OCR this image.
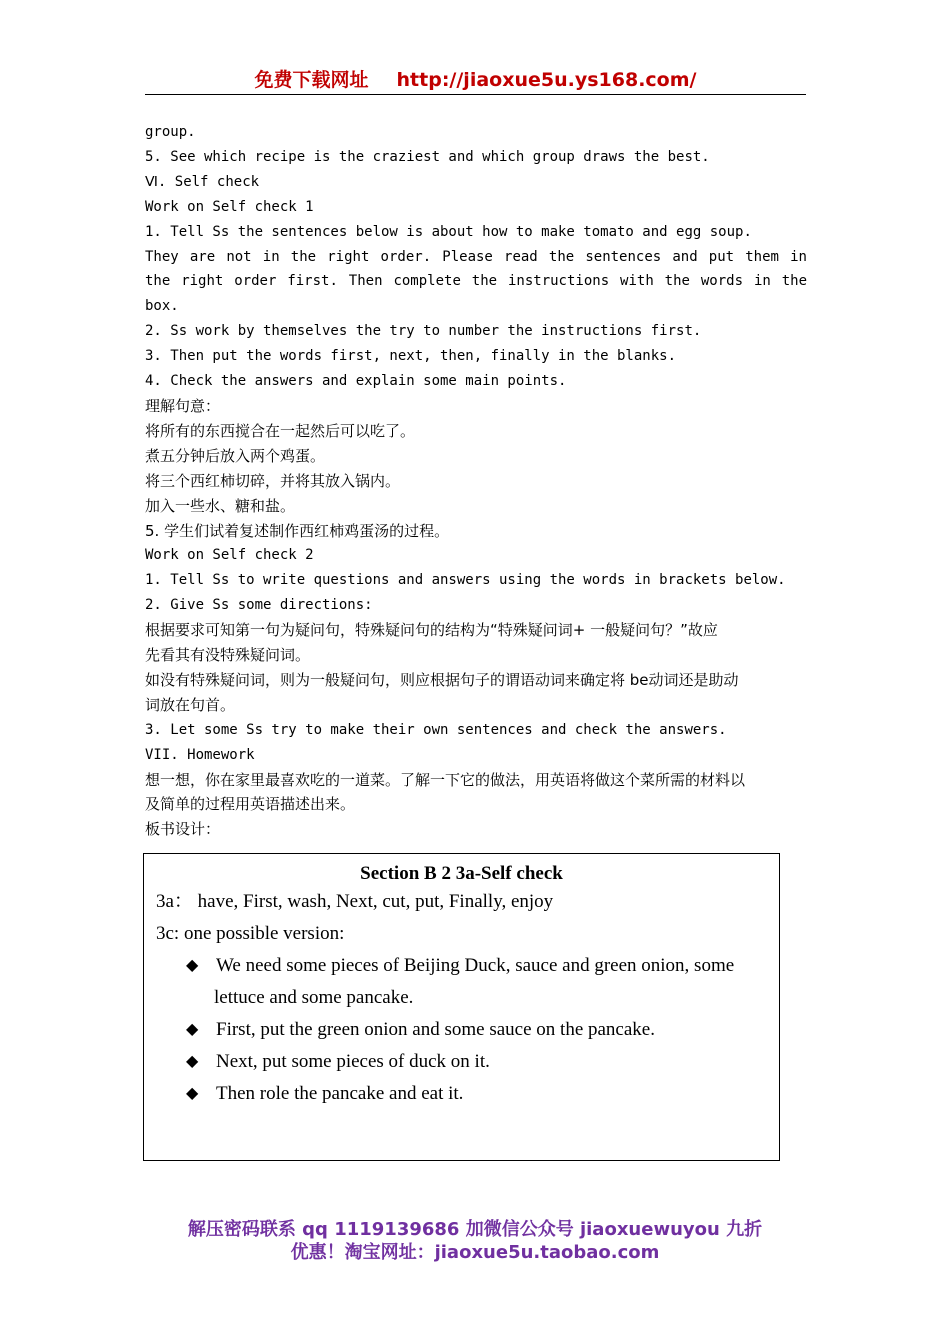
免费下载网址 http://jiaoxue5u.ys168.com/
group.
5. See which recipe is the craziest and which group draws the best.
Ⅵ. Self check
Work on Self check 1
1. Tell Ss the sentences below is about how to make tomato and egg soup.
They are not in the right order. Please read the sentences and put them in
the right order first. Then complete the instructions with the words in the
box.
2. Ss work by themselves the try to number the instructions first.
3. Then put the words first, next, then, finally in the blanks.
4. Check the answers and explain some main points.
理解句意：
将所有的东西搅合在一起然后可以吃了。
煮五分钟后放入两个鸡蛋。
将三个西红柿切碎，并将其放入锅内。
加入一些水、糖和盐。
5. 学生们试着复述制作西红柿鸡蛋汤的过程。
Work on Self check 2
1. Tell Ss to write questions and answers using the words in brackets below.
2. Give Ss some directions:
根据要求可知第一句为疑问句，特殊疑问句的结构为“特殊疑问词+ 一般疑问句？”故应
先看其有没特殊疑问词。
如没有特殊疑问词，则为一般疑问句，则应根据句子的谓语动词来确定将 be动词还是助动
词放在句首。
3. Let some Ss try to make their own sentences and check the answers.
VII. Homework
想一想，你在家里最喜欢吃的一道菜。了解一下它的做法，用英语将做这个菜所需的材料以
及简单的过程用英语描述出来。
板书设计：
Section B 2 3a-Self check
3a： have, First, wash, Next, cut, put, Finally, enjoy
3c: one possible version:
◆ We need some pieces of Beijing Duck, sauce and green onion, some
lettuce and some pancake.
◆ First, put the green onion and some sauce on the pancake.
◆ Next, put some pieces of duck on it.
◆ Then role the pancake and eat it.
解压密码联系 qq 1119139686 加微信公众号 jiaoxuewuyou 九折
优惠！淘宝网址：jiaoxue5u.taobao.com
